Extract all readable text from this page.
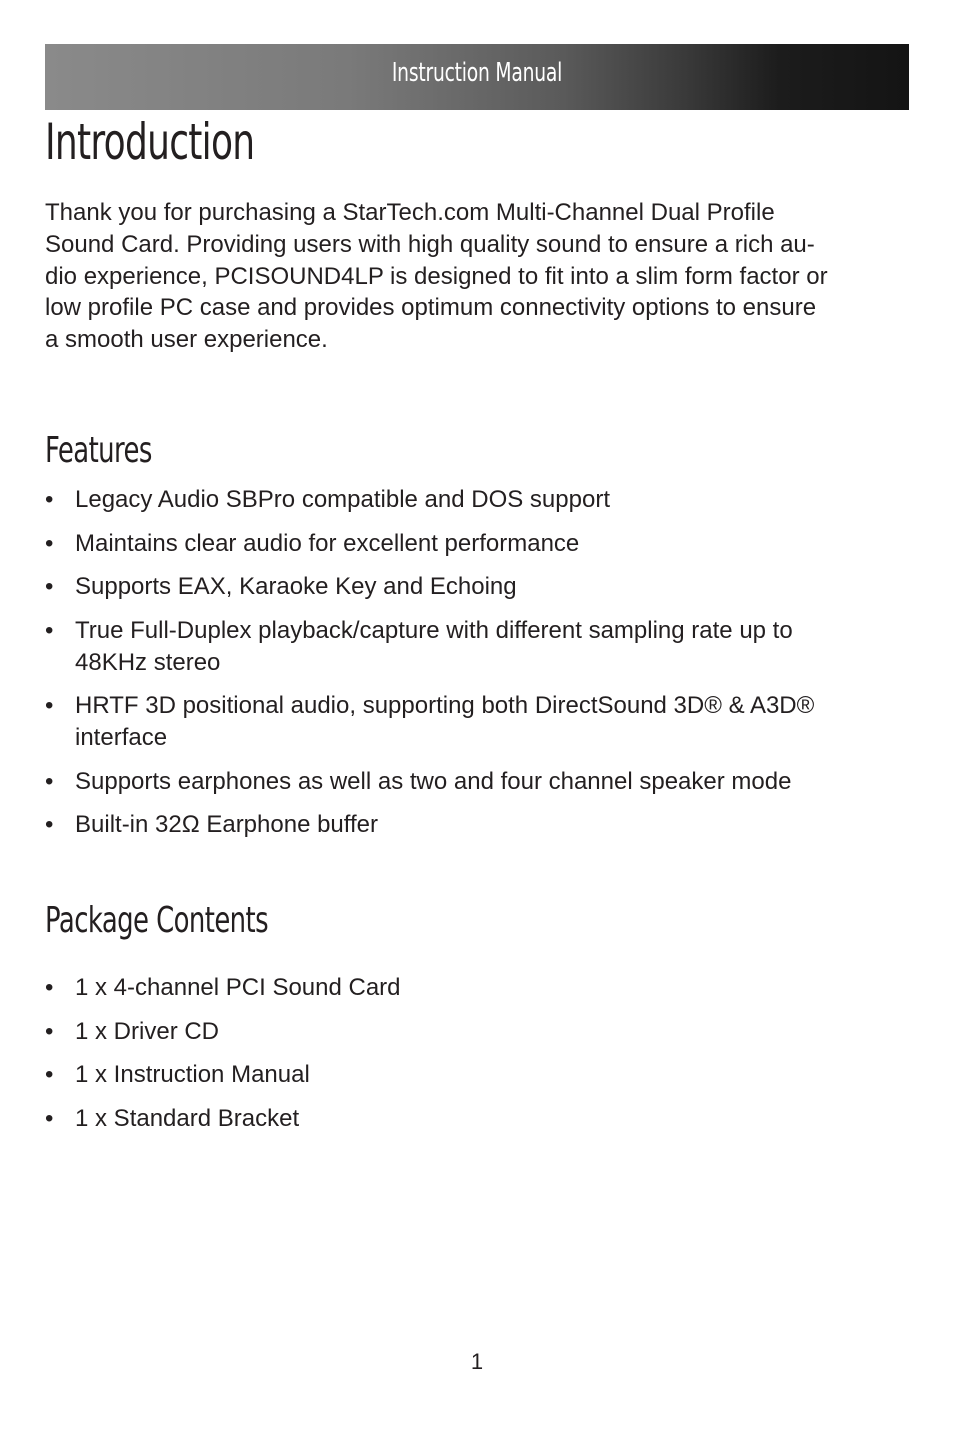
Instruction Manual
Introduction

Thank you for purchasing a StarTech.com Multi-Channel Dual Profile
Sound Card. Providing users with high quality sound to ensure a rich au-
dio experience, PCISOUND4LP is designed to fit into a slim form factor or
low profile PC case and provides optimum connectivity options to ensure
a smooth user experience.

Features
• Legacy Audio SBPro compatible and DOS support
• Maintains clear audio for excellent performance
• Supports EAX, Karaoke Key and Echoing
• True Full-Duplex playback/capture with different sampling rate up to
48KHz stereo
• HRTF 3D positional audio, supporting both DirectSound 3D® & A3D®
interface
• Supports earphones as well as two and four channel speaker mode
• Built-in 32Ω Earphone buffer
Package Contents
• 1 x 4-channel PCI Sound Card
• 1 x Driver CD
• 1 x Instruction Manual
• 1 x Standard Bracket
1
